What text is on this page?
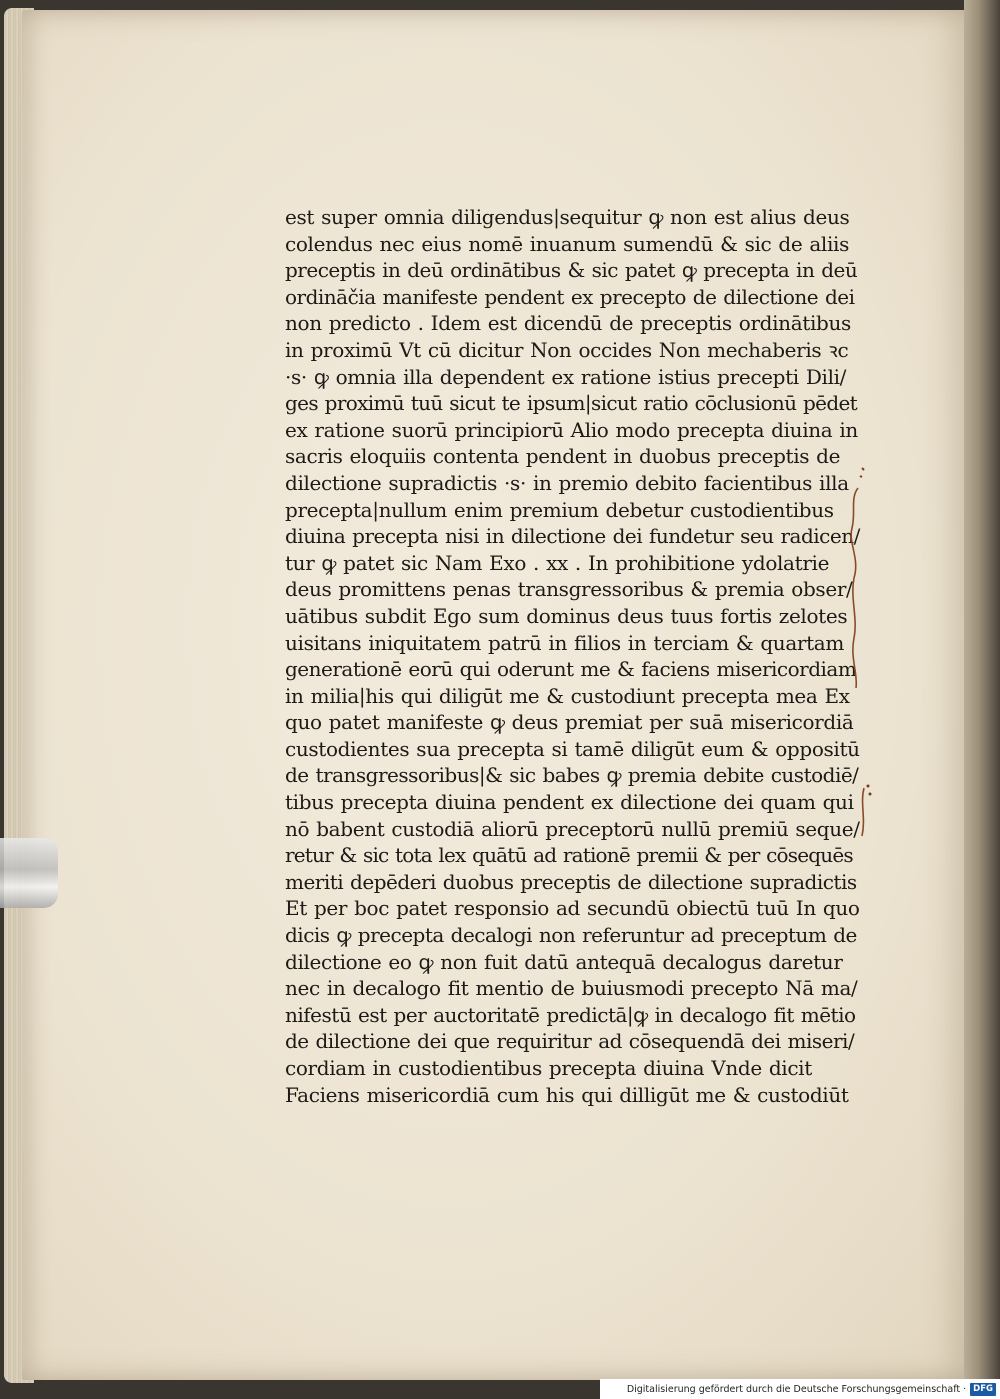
est super omnia diligendus|sequitur ꝙ non est alius deus
colendus nec eius nomē inuanum sumendū & sic de aliis
preceptis in deū ordinātibus & sic patet ꝙ precepta in deū
ordināčia manifeste pendent ex precepto de dilectione dei
non predicto . Idem est dicendū de preceptis ordinātibus
in proximū Vt cū dicitur Non occides Non mechaberis ꝛc
·s· ꝙ omnia illa dependent ex ratione istius precepti Dili/
ges proximū tuū sicut te ipsum|sicut ratio cōclusionū pēdet
ex ratione suorū principiorū Alio modo precepta diuina in
sacris eloquiis contenta pendent in duobus preceptis de
dilectione supradictis ·s· in premio debito facientibus illa
precepta|nullum enim premium debetur custodientibus
diuina precepta nisi in dilectione dei fundetur seu radicen/
tur ꝙ patet sic Nam Exo . xx . In prohibitione ydolatrie
deus promittens penas transgressoribus & premia obser/
uātibus subdit Ego sum dominus deus tuus fortis zelotes
uisitans iniquitatem patrū in filios in terciam & quartam
generationē eorū qui oderunt me & faciens misericordiam
in milia|his qui diligūt me & custodiunt precepta mea Ex
quo patet manifeste ꝙ deus premiat per suā misericordiā
custodientes sua precepta si tamē diligūt eum & oppositū
de transgressoribus|& sic babes ꝙ premia debite custodiē/
tibus precepta diuina pendent ex dilectione dei quam qui
nō babent custodiā aliorū preceptorū nullū premiū seque/
retur & sic tota lex quātū ad rationē premii & per cōsequēs
meriti depēderi duobus preceptis de dilectione supradictis
Et per boc patet responsio ad secundū obiectū tuū In quo
dicis ꝙ precepta decalogi non referuntur ad preceptum de
dilectione eo ꝙ non fuit datū antequā decalogus daretur
nec in decalogo fit mentio de buiusmodi precepto Nā ma/
nifestū est per auctoritatē predictā|ꝙ in decalogo fit mētio
de dilectione dei que requiritur ad cōsequendā dei miseri/
cordiam in custodientibus precepta diuina Vnde dicit
Faciens misericordiā cum his qui dilligūt me & custodiūt
Digitalisierung gefördert durch die Deutsche Forschungsgemeinschaft · DFG
